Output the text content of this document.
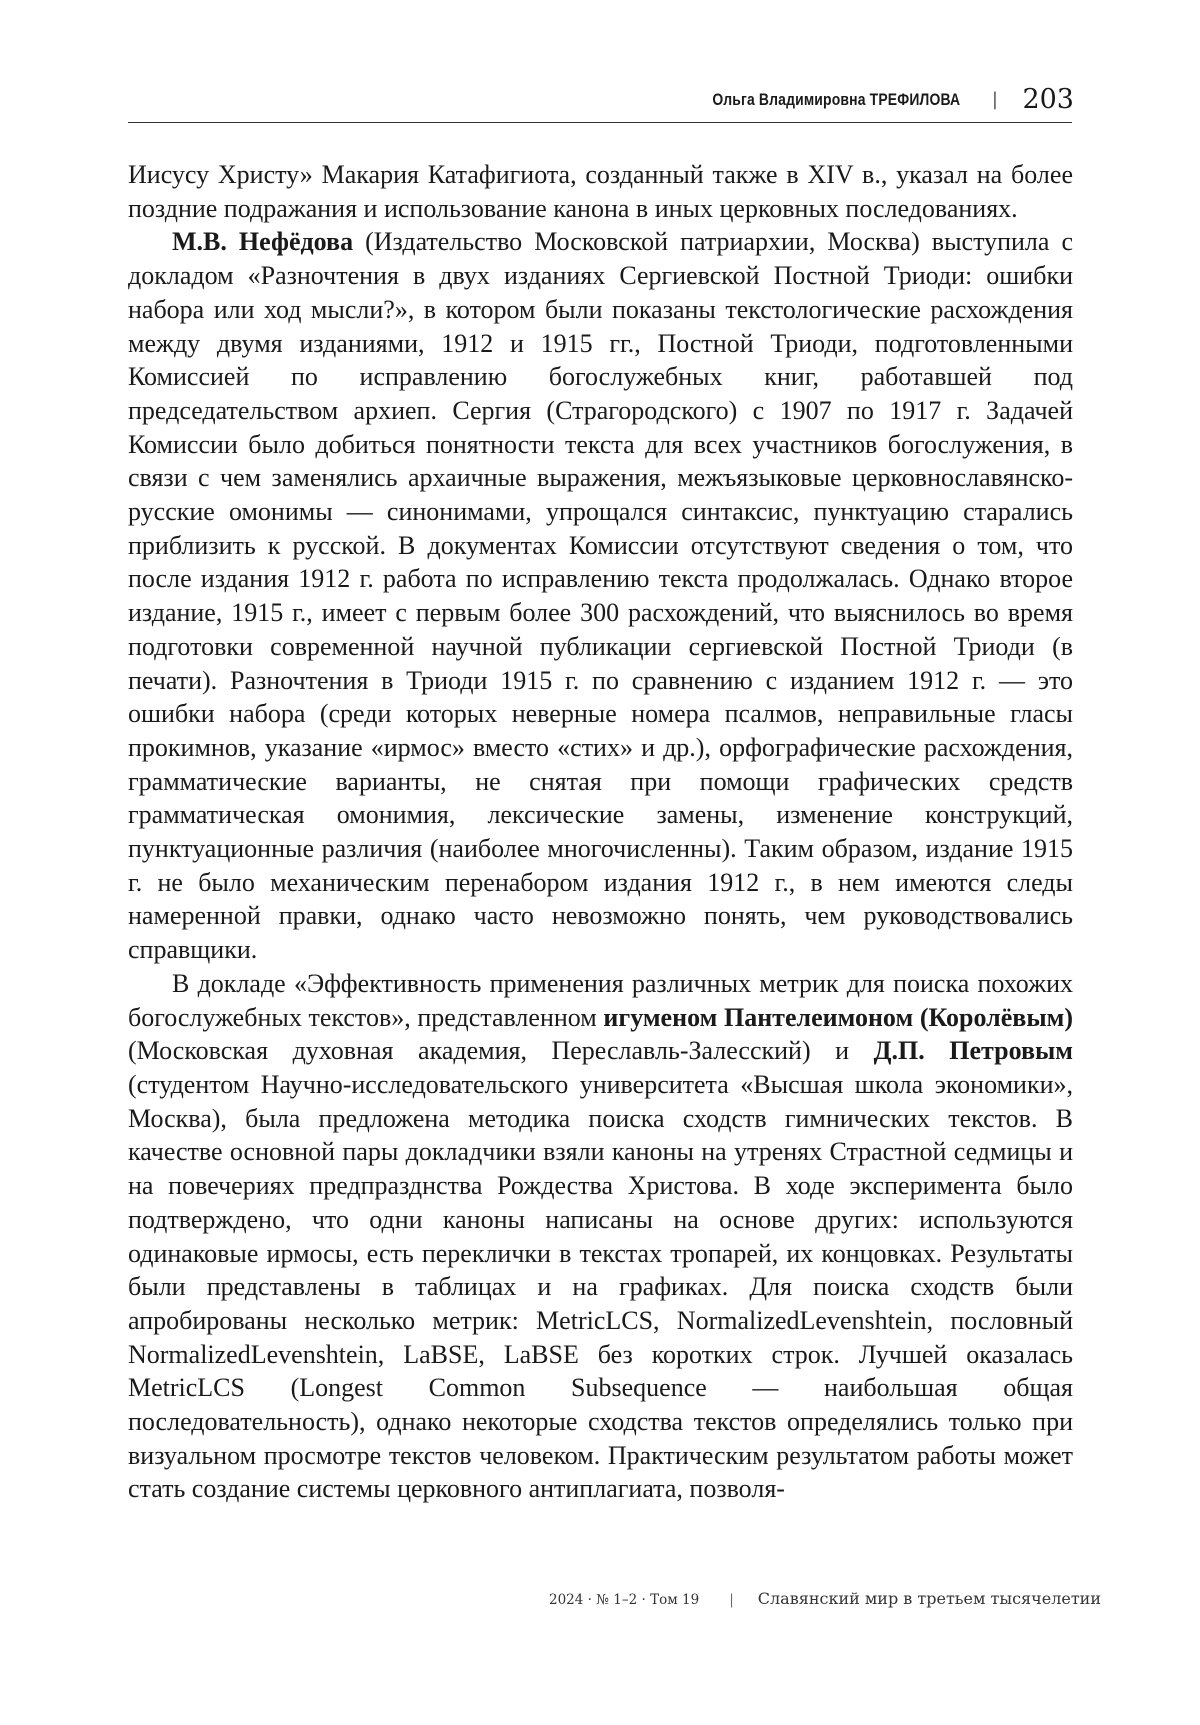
Ольга Владимировна ТРЕФИЛОВА | 203

Иисусу Христу» Макария Катафигиота, созданный также в XIV в., указал на более поздние подражания и использование канона в иных церковных последованиях.

М.В. Нефёдова (Издательство Московской патриархии, Москва) выступила с докладом «Разночтения в двух изданиях Сергиевской Постной Триоди: ошибки набора или ход мысли?», в котором были показаны текстологические расхождения между двумя изданиями, 1912 и 1915 гг., Постной Триоди, подготовленными Комиссией по исправлению богослужебных книг, работавшей под председательством архиеп. Сергия (Страгородского) с 1907 по 1917 г. Задачей Комиссии было добиться понятности текста для всех участников богослужения, в связи с чем заменялись архаичные выражения, межъязыковые церковнославянско-русские омонимы — синонимами, упрощался синтаксис, пунктуацию старались приблизить к русской. В документах Комиссии отсутствуют сведения о том, что после издания 1912 г. работа по исправлению текста продолжалась. Однако второе издание, 1915 г., имеет с первым более 300 расхождений, что выяснилось во время подготовки современной научной публикации сергиевской Постной Триоди (в печати). Разночтения в Триоди 1915 г. по сравнению с изданием 1912 г. — это ошибки набора (среди которых неверные номера псалмов, неправильные гласы прокимнов, указание «ирмос» вместо «стих» и др.), орфографические расхождения, грамматические варианты, не снятая при помощи графических средств грамматическая омонимия, лексические замены, изменение конструкций, пунктуационные различия (наиболее многочисленны). Таким образом, издание 1915 г. не было механическим перенабором издания 1912 г., в нем имеются следы намеренной правки, однако часто невозможно понять, чем руководствовались справщики.

В докладе «Эффективность применения различных метрик для поиска похожих богослужебных текстов», представленном игуменом Пантелеимоном (Королёвым) (Московская духовная академия, Переславль-Залесский) и Д.П. Петровым (студентом Научно-исследовательского университета «Высшая школа экономики», Москва), была предложена методика поиска сходств гимнических текстов. В качестве основной пары докладчики взяли каноны на утренях Страстной седмицы и на повечериях предпразднства Рождества Христова. В ходе эксперимента было подтверждено, что одни каноны написаны на основе других: используются одинаковые ирмосы, есть переклички в текстах тропарей, их концовках. Результаты были представлены в таблицах и на графиках. Для поиска сходств были апробированы несколько метрик: MetricLCS, NormalizedLevenshtein, пословный NormalizedLevenshtein, LaBSE, LaBSE без коротких строк. Лучшей оказалась MetricLCS (Longest Common Subsequence — наибольшая общая последовательность), однако некоторые сходства текстов определялись только при визуальном просмотре текстов человеком. Практическим результатом работы может стать создание системы церковного антиплагиата, позволя-

2024 · № 1–2 · Том 19 | Славянский мир в третьем тысячелетии
